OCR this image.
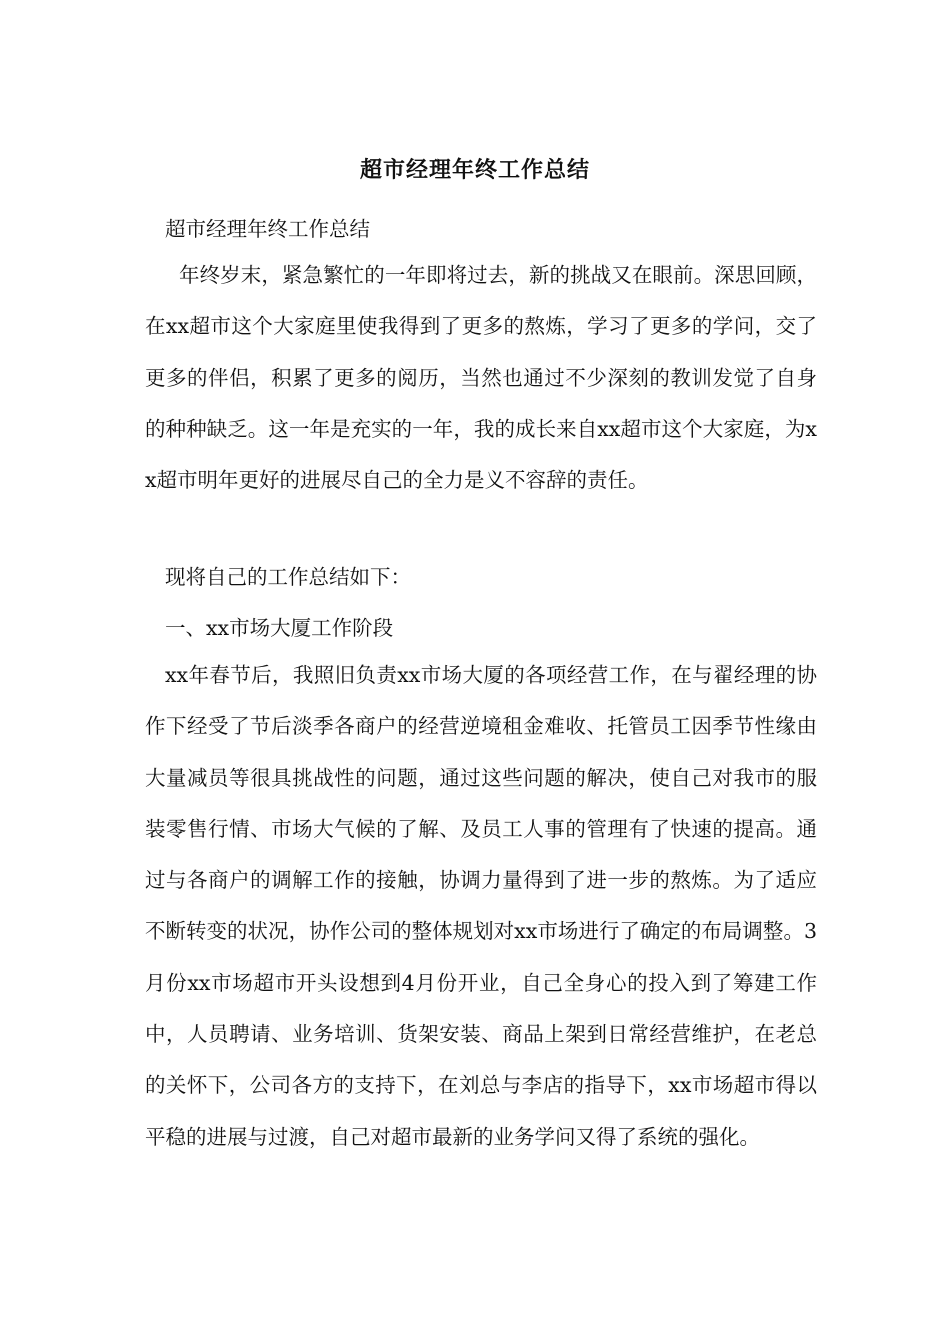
超市经理年终工作总结

超市经理年终工作总结

年终岁末，紧急繁忙的一年即将过去，新的挑战又在眼前。深思回顾，在xx超市这个大家庭里使我得到了更多的熬炼，学习了更多的学问，交了更多的伴侣，积累了更多的阅历，当然也通过不少深刻的教训发觉了自身的种种缺乏。这一年是充实的一年，我的成长来自xx超市这个大家庭，为xx超市明年更好的进展尽自己的全力是义不容辞的责任。

现将自己的工作总结如下：

一、xx市场大厦工作阶段

xx年春节后，我照旧负责xx市场大厦的各项经营工作，在与翟经理的协作下经受了节后淡季各商户的经营逆境租金难收、托管员工因季节性缘由大量减员等很具挑战性的问题，通过这些问题的解决，使自己对我市的服装零售行情、市场大气候的了解、及员工人事的管理有了快速的提高。通过与各商户的调解工作的接触，协调力量得到了进一步的熬炼。为了适应不断转变的状况，协作公司的整体规划对xx市场进行了确定的布局调整。3月份xx市场超市开头设想到4月份开业，自己全身心的投入到了筹建工作中，人员聘请、业务培训、货架安装、商品上架到日常经营维护，在老总的关怀下，公司各方的支持下，在刘总与李店的指导下，xx市场超市得以平稳的进展与过渡，自己对超市最新的业务学问又得了系统的强化。
